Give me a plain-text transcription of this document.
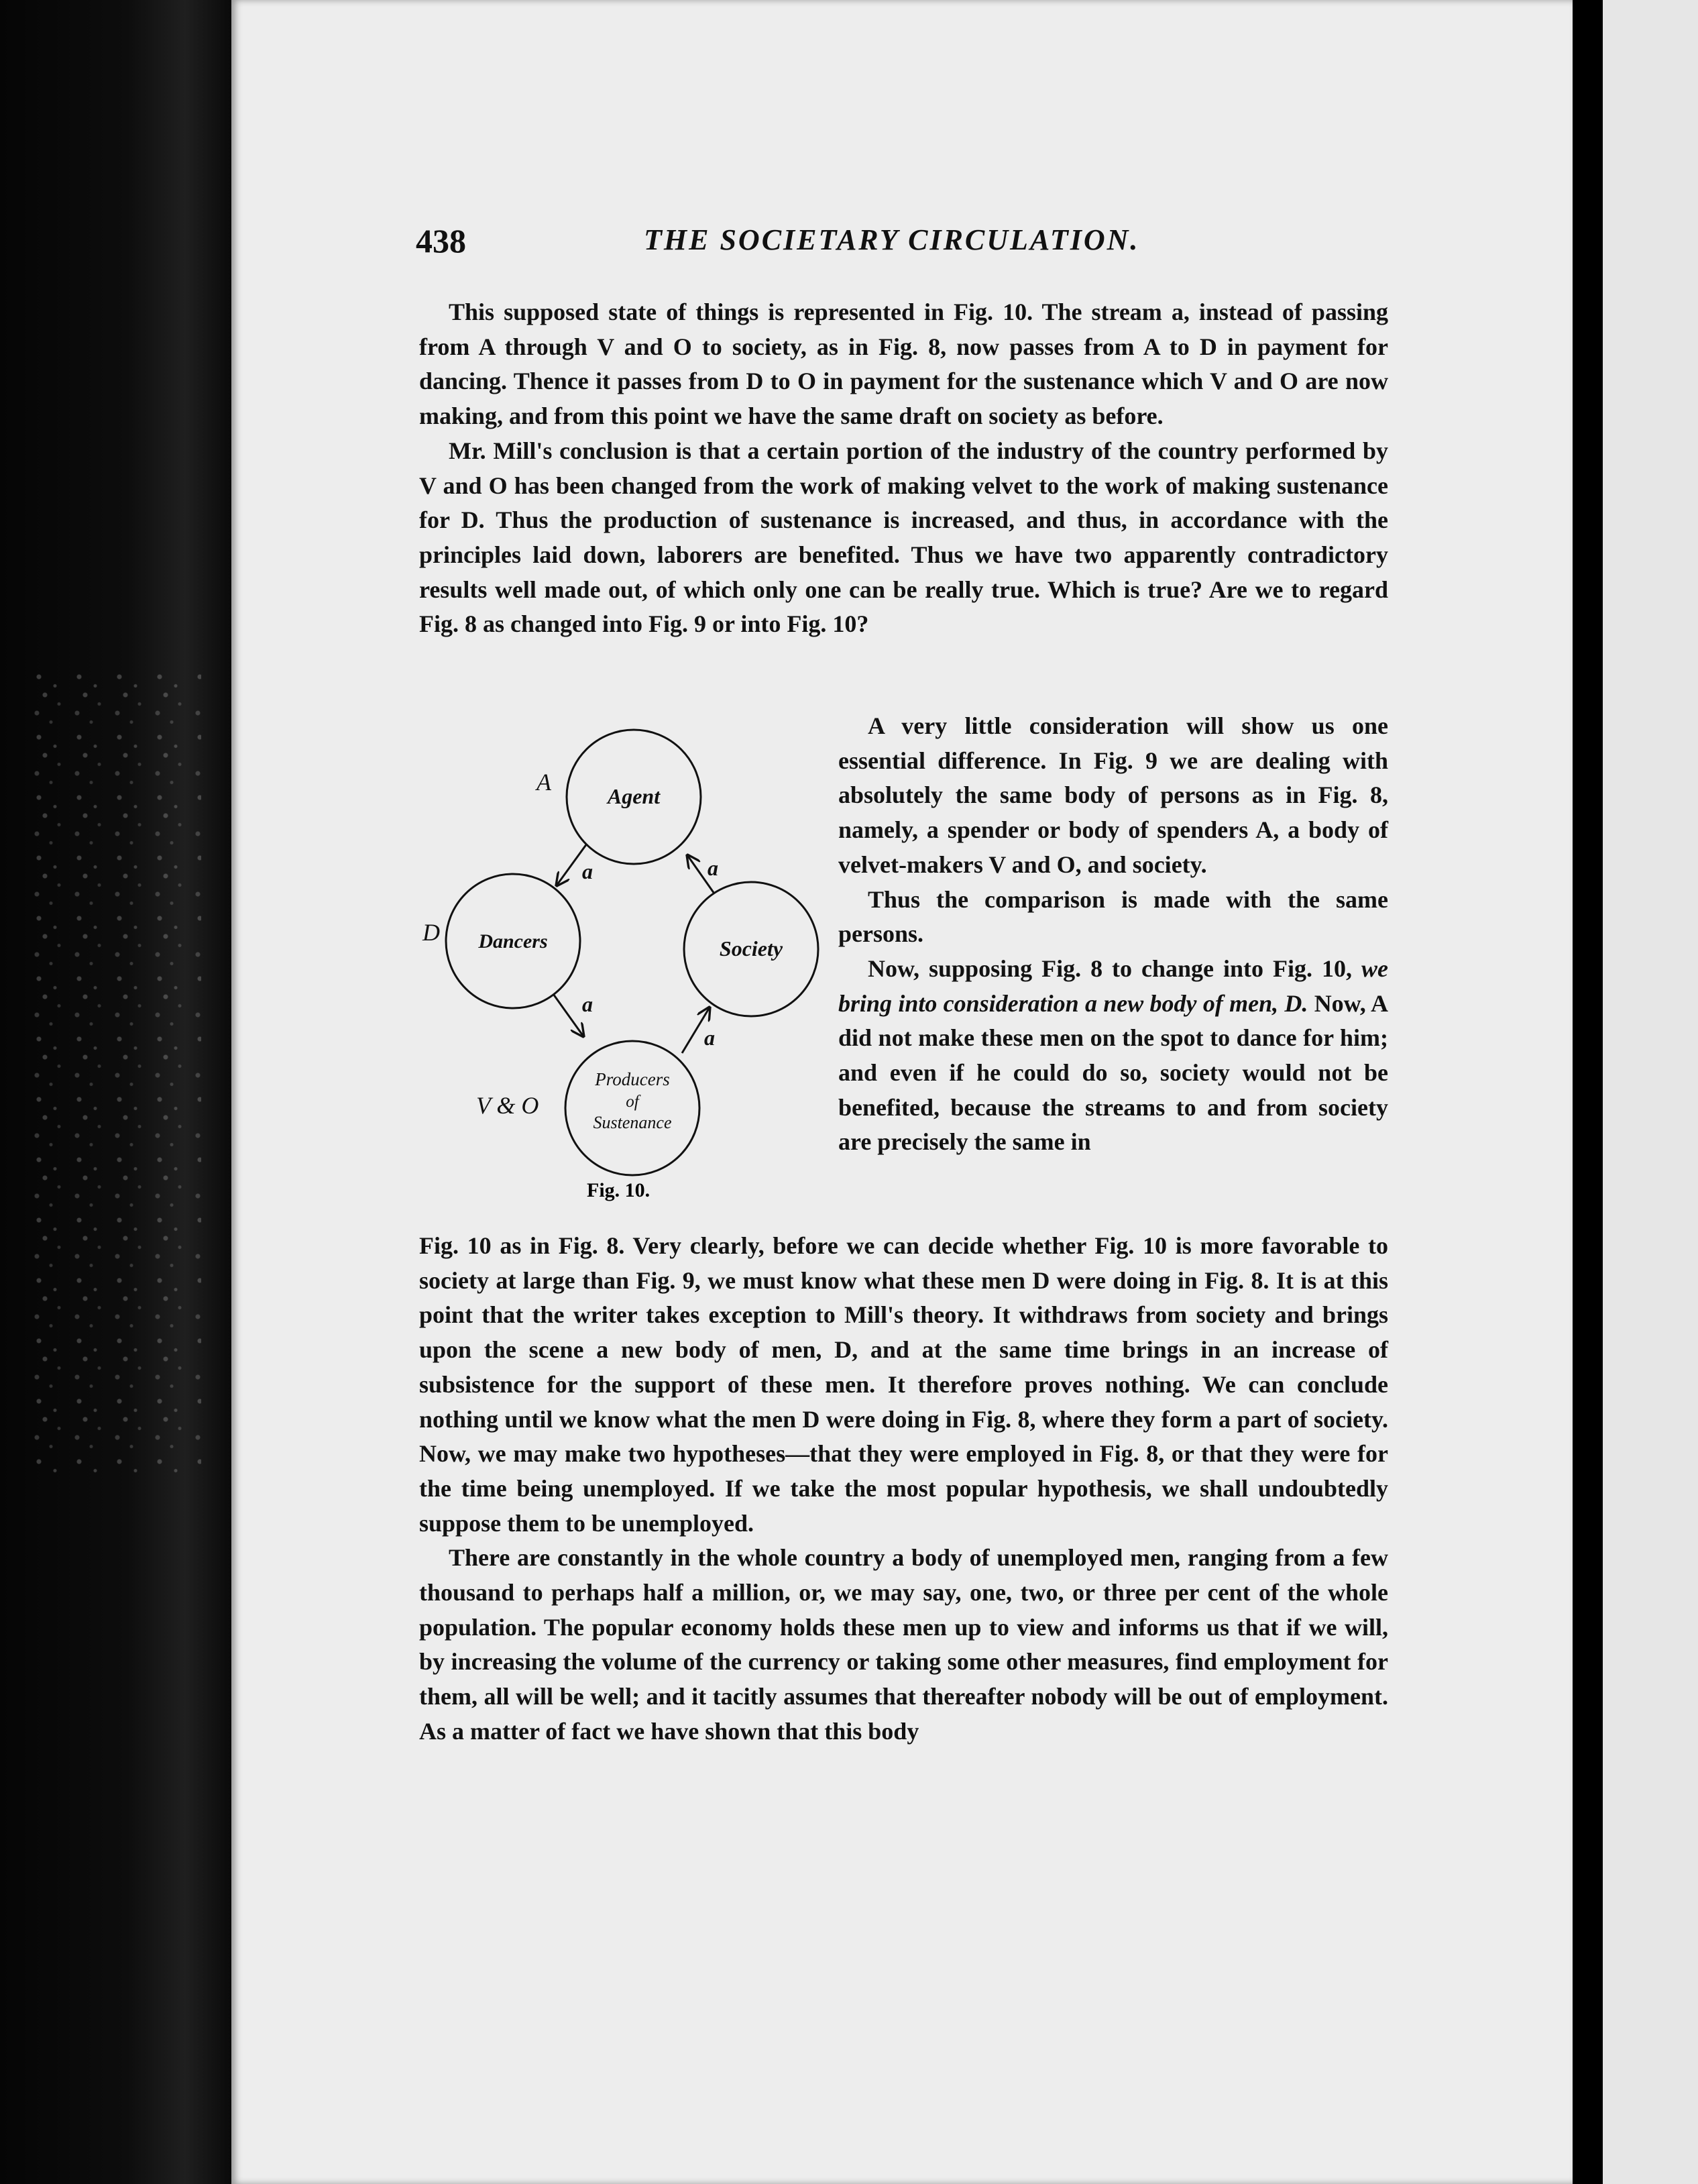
438	THE SOCIETARY CIRCULATION.

This supposed state of things is represented in Fig. 10. The stream a, instead of passing from A through V and O to society, as in Fig. 8, now passes from A to D in payment for dancing. Thence it passes from D to O in payment for the sustenance which V and O are now making, and from this point we have the same draft on society as before.

Mr. Mill's conclusion is that a certain portion of the industry of the country performed by V and O has been changed from the work of making velvet to the work of making sustenance for D. Thus the production of sustenance is increased, and thus, in accordance with the principles laid down, laborers are benefited. Thus we have two apparently contradictory results well made out, of which only one can be really true. Which is true? Are we to regard Fig. 8 as changed into Fig. 9 or into Fig. 10?

Agent
Dancers	Society
Producers
of
Sustenance
A
D
V & O
a	a
a
a
Fig. 10.

A very little consideration will show us one essential difference. In Fig. 9 we are dealing with absolutely the same body of persons as in Fig. 8, namely, a spender or body of spenders A, a body of velvet-makers V and O, and society.

Thus the comparison is made with the same persons.

Now, supposing Fig. 8 to change into Fig. 10, we bring into consideration a new body of men, D. Now, A did not make these men on the spot to dance for him; and even if he could do so, society would not be benefited, because the streams to and from society are precisely the same in

Fig. 10 as in Fig. 8. Very clearly, before we can decide whether Fig. 10 is more favorable to society at large than Fig. 9, we must know what these men D were doing in Fig. 8. It is at this point that the writer takes exception to Mill's theory. It withdraws from society and brings upon the scene a new body of men, D, and at the same time brings in an increase of subsistence for the support of these men. It therefore proves nothing. We can conclude nothing until we know what the men D were doing in Fig. 8, where they form a part of society. Now, we may make two hypotheses—that they were employed in Fig. 8, or that they were for the time being unemployed. If we take the most popular hypothesis, we shall undoubtedly suppose them to be unemployed.

There are constantly in the whole country a body of unemployed men, ranging from a few thousand to perhaps half a million, or, we may say, one, two, or three per cent of the whole population. The popular economy holds these men up to view and informs us that if we will, by increasing the volume of the currency or taking some other measures, find employment for them, all will be well; and it tacitly assumes that thereafter nobody will be out of employment. As a matter of fact we have shown that this body
